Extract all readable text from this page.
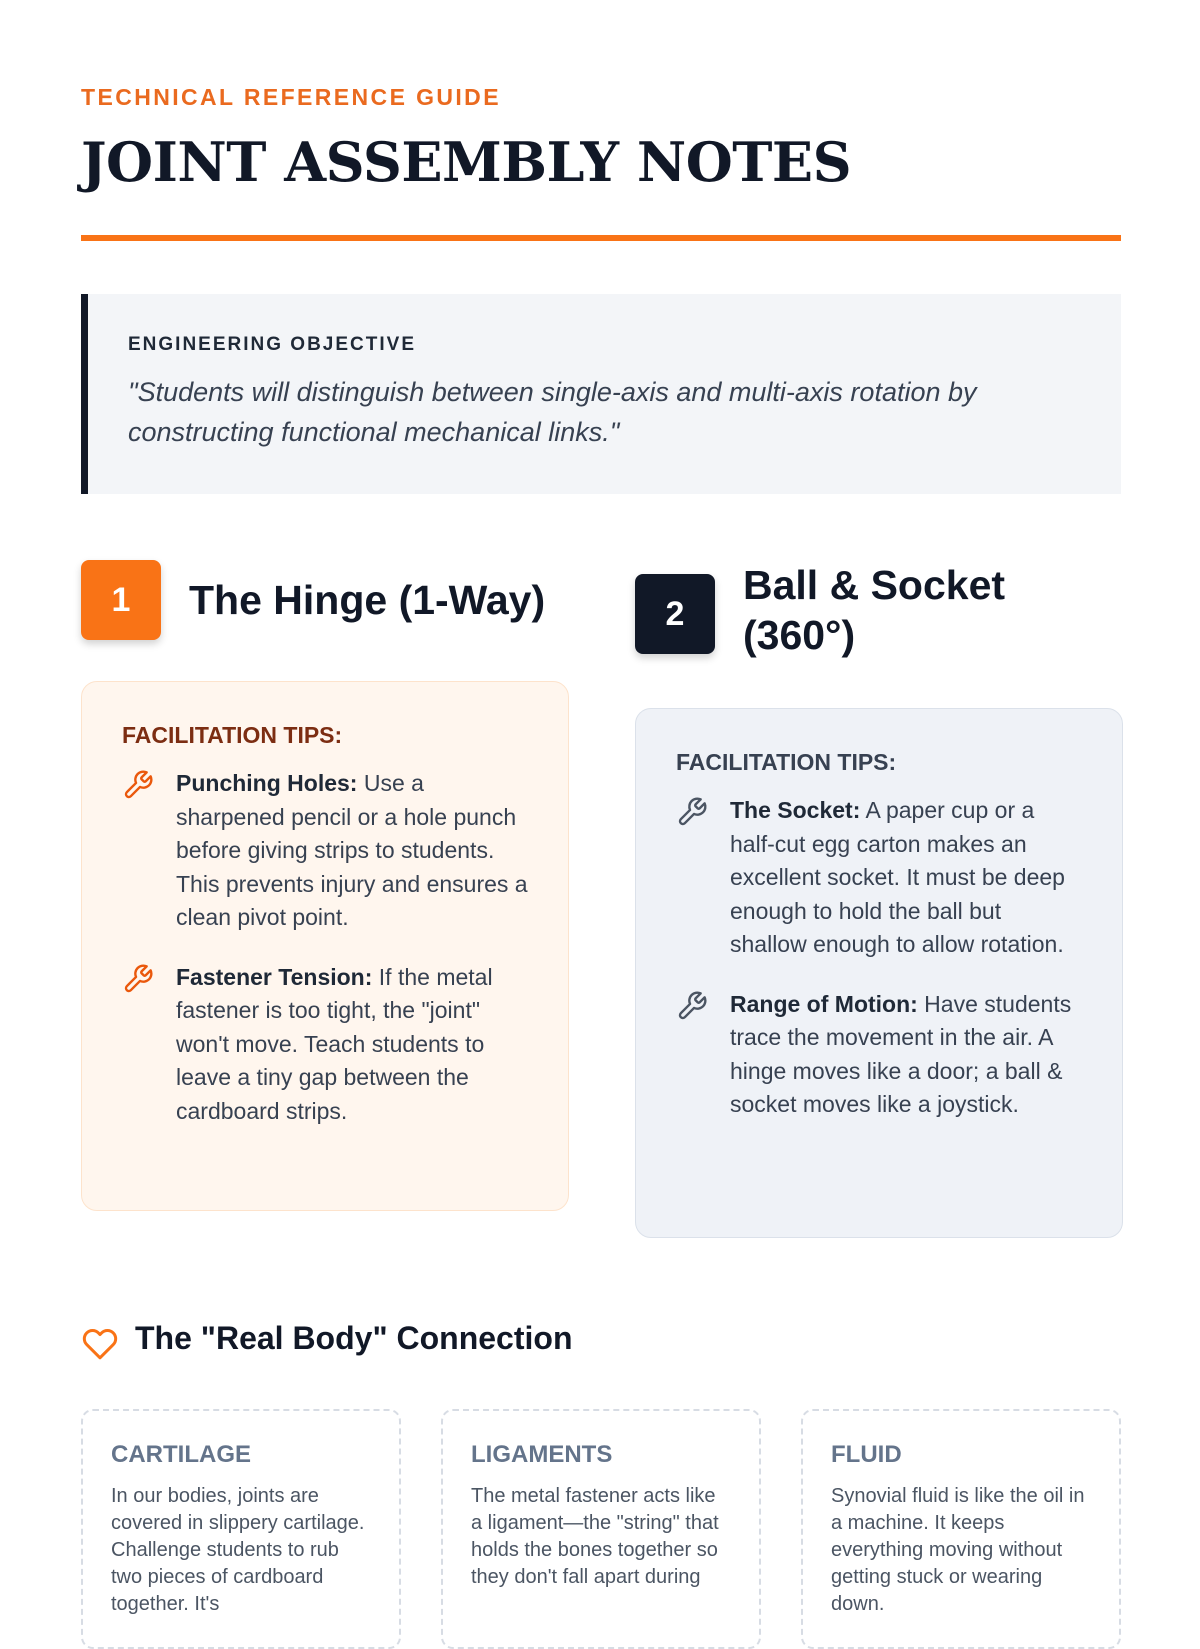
TECHNICAL REFERENCE GUIDE
JOINT ASSEMBLY NOTES
ENGINEERING OBJECTIVE
"Students will distinguish between single-axis and multi-axis rotation by constructing functional mechanical links."
1	The Hinge (1-Way)
FACILITATION TIPS:
Punching Holes: Use a sharpened pencil or a hole punch before giving strips to students. This prevents injury and ensures a clean pivot point.
Fastener Tension: If the metal fastener is too tight, the "joint" won't move. Teach students to leave a tiny gap between the cardboard strips.
2
Ball & Socket (360°)
FACILITATION TIPS:
The Socket: A paper cup or a half-cut egg carton makes an excellent socket. It must be deep enough to hold the ball but shallow enough to allow rotation.
Range of Motion: Have students trace the movement in the air. A hinge moves like a door; a ball & socket moves like a joystick.
The "Real Body" Connection
CARTILAGE
In our bodies, joints are covered in slippery cartilage. Challenge students to rub two pieces of cardboard together. It's
LIGAMENTS
The metal fastener acts like a ligament—the "string" that holds the bones together so they don't fall apart during
FLUID
Synovial fluid is like the oil in a machine. It keeps everything moving without getting stuck or wearing down.
